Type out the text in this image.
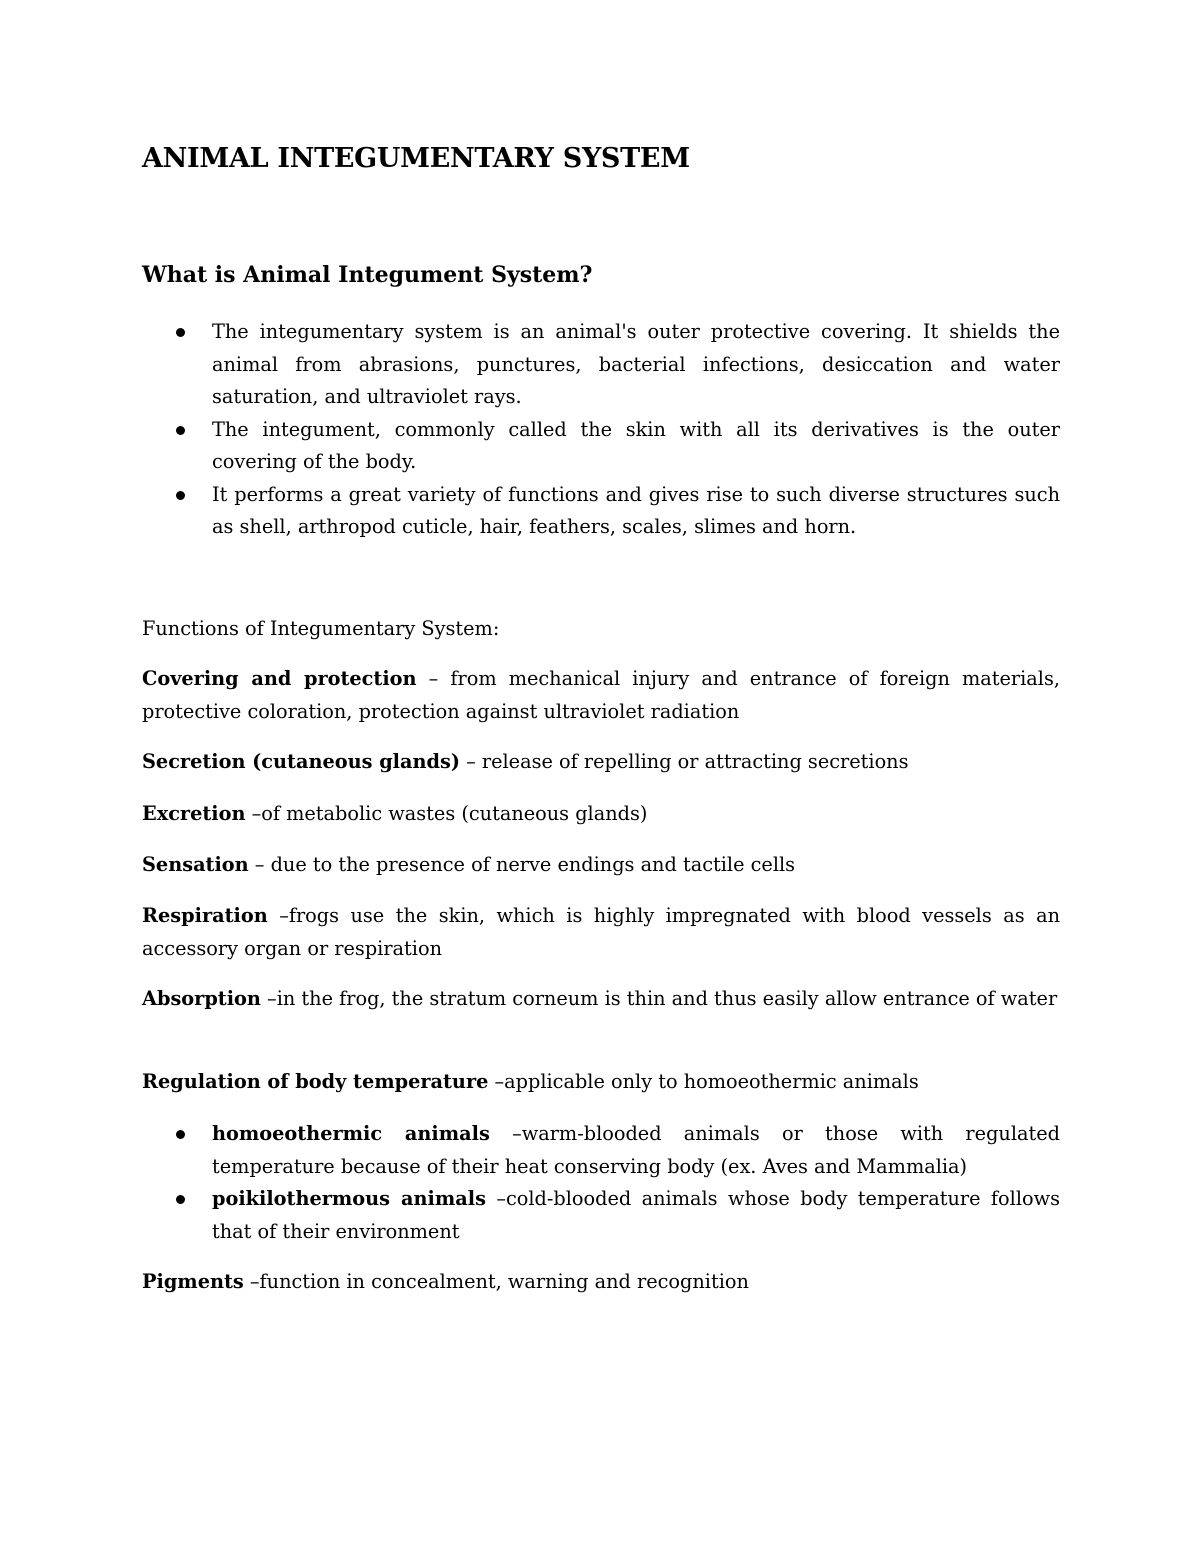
ANIMAL INTEGUMENTARY SYSTEM
What is Animal Integument System?
The integumentary system is an animal's outer protective covering. It shields the animal from abrasions, punctures, bacterial infections, desiccation and water saturation, and ultraviolet rays.
The integument, commonly called the skin with all its derivatives is the outer covering of the body.
It performs a great variety of functions and gives rise to such diverse structures such as shell, arthropod cuticle, hair, feathers, scales, slimes and horn.

Functions of Integumentary System:

Covering and protection – from mechanical injury and entrance of foreign materials, protective coloration, protection against ultraviolet radiation

Secretion (cutaneous glands) – release of repelling or attracting secretions

Excretion –of metabolic wastes (cutaneous glands)

Sensation – due to the presence of nerve endings and tactile cells

Respiration –frogs use the skin, which is highly impregnated with blood vessels as an accessory organ or respiration

Absorption –in the frog, the stratum corneum is thin and thus easily allow entrance of water

Regulation of body temperature –applicable only to homoeothermic animals

homoeothermic animals –warm-blooded animals or those with regulated temperature because of their heat conserving body (ex. Aves and Mammalia)
poikilothermous animals –cold-blooded animals whose body temperature follows that of their environment

Pigments –function in concealment, warning and recognition
